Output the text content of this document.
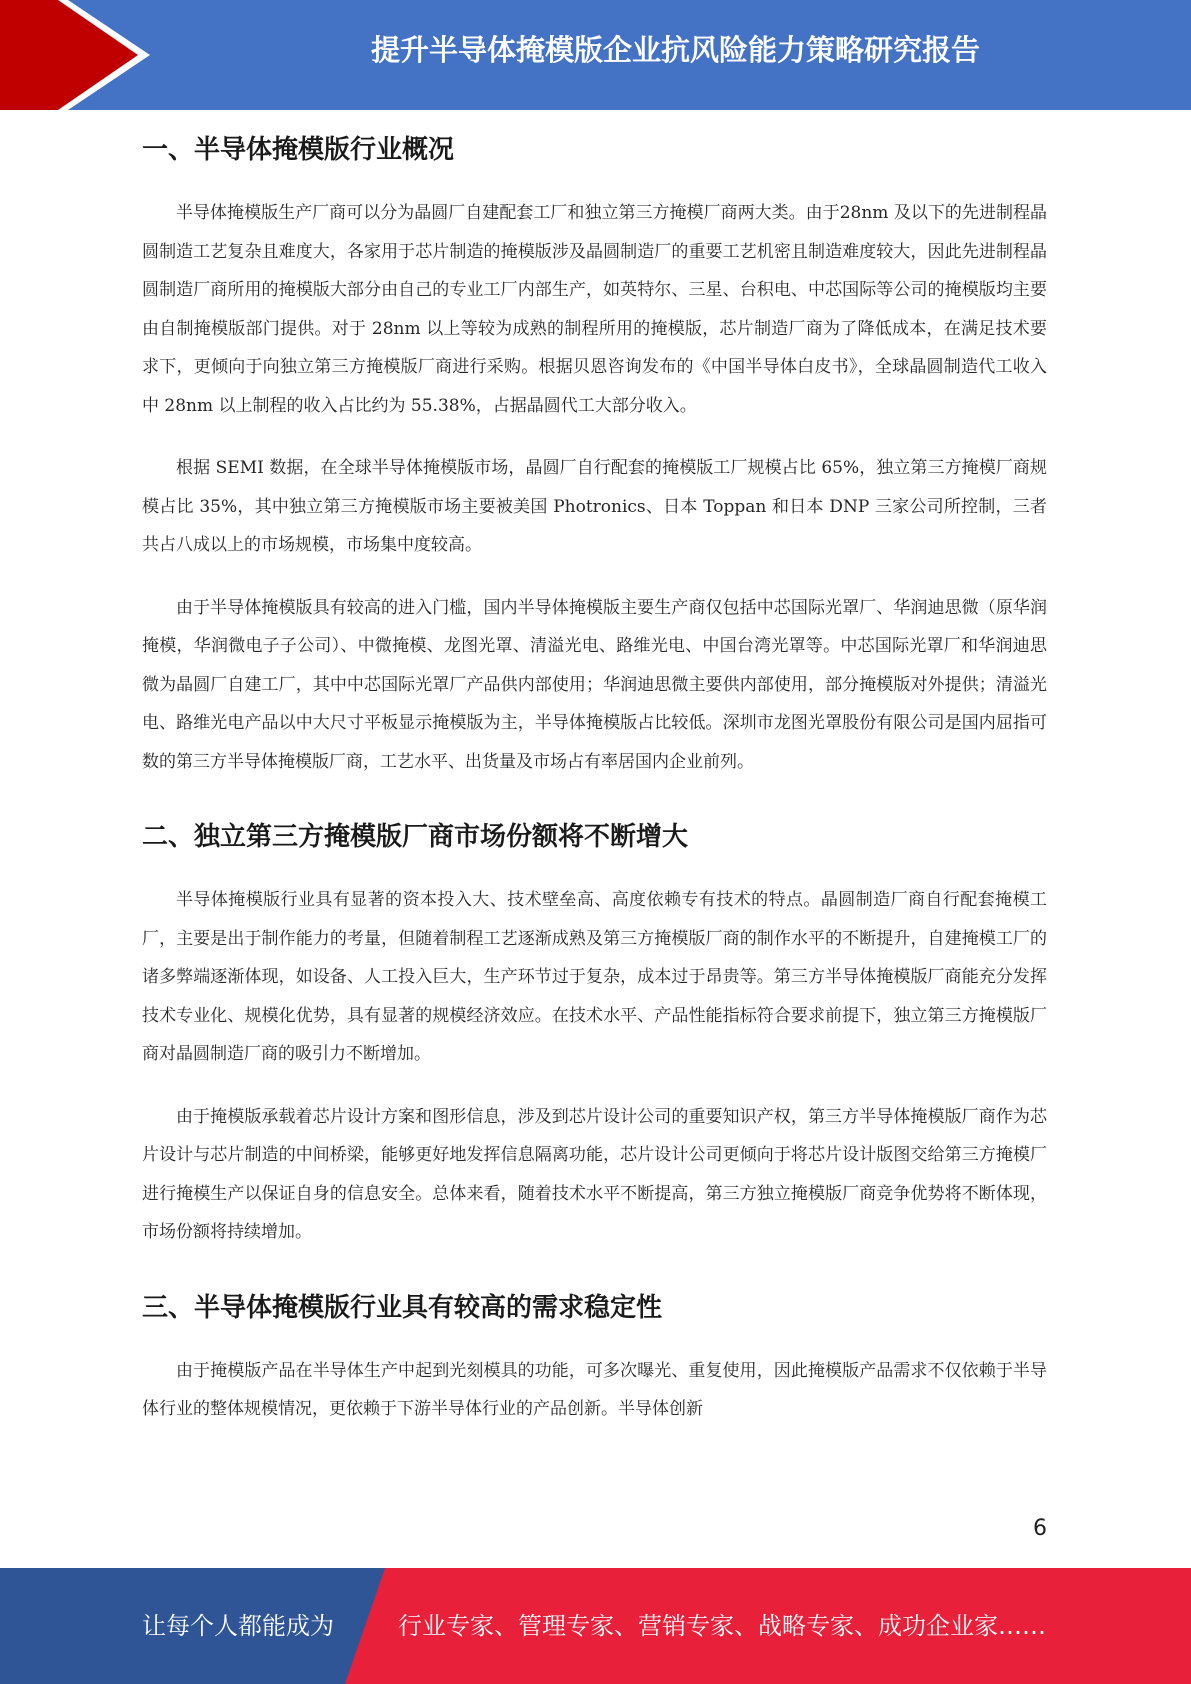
提升半导体掩模版企业抗风险能力策略研究报告
一、半导体掩模版行业概况

半导体掩模版生产厂商可以分为晶圆厂自建配套工厂和独立第三方掩模厂商两大类。由于28nm 及以下的先进制程晶圆制造工艺复杂且难度大，各家用于芯片制造的掩模版涉及晶圆制造厂的重要工艺机密且制造难度较大，因此先进制程晶圆制造厂商所用的掩模版大部分由自己的专业工厂内部生产，如英特尔、三星、台积电、中芯国际等公司的掩模版均主要由自制掩模版部门提供。对于 28nm 以上等较为成熟的制程所用的掩模版，芯片制造厂商为了降低成本，在满足技术要求下，更倾向于向独立第三方掩模版厂商进行采购。根据贝恩咨询发布的《中国半导体白皮书》，全球晶圆制造代工收入中 28nm 以上制程的收入占比约为 55.38%，占据晶圆代工大部分收入。

根据 SEMI 数据，在全球半导体掩模版市场，晶圆厂自行配套的掩模版工厂规模占比 65%，独立第三方掩模厂商规模占比 35%，其中独立第三方掩模版市场主要被美国 Photronics、日本 Toppan 和日本 DNP 三家公司所控制，三者共占八成以上的市场规模，市场集中度较高。

由于半导体掩模版具有较高的进入门槛，国内半导体掩模版主要生产商仅包括中芯国际光罩厂、华润迪思微（原华润掩模，华润微电子子公司）、中微掩模、龙图光罩、清溢光电、路维光电、中国台湾光罩等。中芯国际光罩厂和华润迪思微为晶圆厂自建工厂，其中中芯国际光罩厂产品供内部使用；华润迪思微主要供内部使用，部分掩模版对外提供；清溢光电、路维光电产品以中大尺寸平板显示掩模版为主，半导体掩模版占比较低。深圳市龙图光罩股份有限公司是国内屈指可数的第三方半导体掩模版厂商，工艺水平、出货量及市场占有率居国内企业前列。

二、独立第三方掩模版厂商市场份额将不断增大

半导体掩模版行业具有显著的资本投入大、技术壁垒高、高度依赖专有技术的特点。晶圆制造厂商自行配套掩模工厂，主要是出于制作能力的考量，但随着制程工艺逐渐成熟及第三方掩模版厂商的制作水平的不断提升，自建掩模工厂的诸多弊端逐渐体现，如设备、人工投入巨大，生产环节过于复杂，成本过于昂贵等。第三方半导体掩模版厂商能充分发挥技术专业化、规模化优势，具有显著的规模经济效应。在技术水平、产品性能指标符合要求前提下，独立第三方掩模版厂商对晶圆制造厂商的吸引力不断增加。

由于掩模版承载着芯片设计方案和图形信息，涉及到芯片设计公司的重要知识产权，第三方半导体掩模版厂商作为芯片设计与芯片制造的中间桥梁，能够更好地发挥信息隔离功能，芯片设计公司更倾向于将芯片设计版图交给第三方掩模厂进行掩模生产以保证自身的信息安全。总体来看，随着技术水平不断提高，第三方独立掩模版厂商竞争优势将不断体现，市场份额将持续增加。

三、半导体掩模版行业具有较高的需求稳定性

由于掩模版产品在半导体生产中起到光刻模具的功能，可多次曝光、重复使用，因此掩模版产品需求不仅依赖于半导体行业的整体规模情况，更依赖于下游半导体行业的产品创新。半导体创新

6
让每个人都能成为	行业专家、管理专家、营销专家、战略专家、成功企业家……
